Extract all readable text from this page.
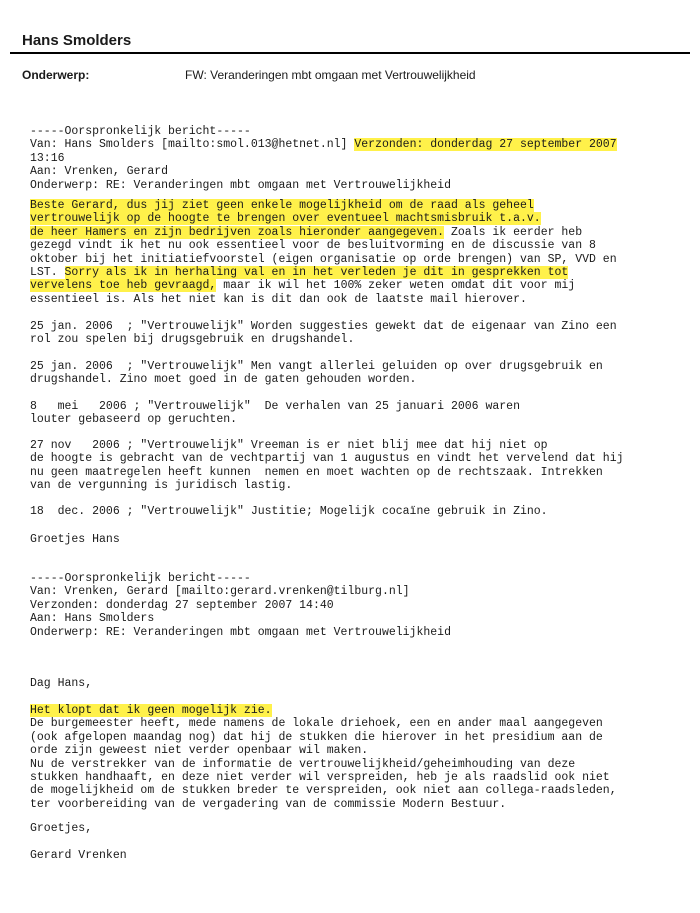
Hans Smolders
Onderwerp:	FW: Veranderingen mbt omgaan met Vertrouwelijkheid
-----Oorspronkelijk bericht-----
Van: Hans Smolders [mailto:smol.013@hetnet.nl] Verzonden: donderdag 27 september 2007
13:16
Aan: Vrenken, Gerard
Onderwerp: RE: Veranderingen mbt omgaan met Vertrouwelijkheid
Beste Gerard, dus jij ziet geen enkele mogelijkheid om de raad als geheel
vertrouwelijk op de hoogte te brengen over eventueel machtsmisbruik t.a.v.
de heer Hamers en zijn bedrijven zoals hieronder aangegeven. Zoals ik eerder heb
gezegd vindt ik het nu ook essentieel voor de besluitvorming en de discussie van 8
oktober bij het initiatiefvoorstel (eigen organisatie op orde brengen) van SP, VVD en
LST. Sorry als ik in herhaling val en in het verleden je dit in gesprekken tot
vervelens toe heb gevraagd, maar ik wil het 100% zeker weten omdat dit voor mij
essentieel is. Als het niet kan is dit dan ook de laatste mail hierover.
25 jan. 2006  ; "Vertrouwelijk" Worden suggesties gewekt dat de eigenaar van Zino een
rol zou spelen bij drugsgebruik en drugshandel.
25 jan. 2006  ; "Vertrouwelijk" Men vangt allerlei geluiden op over drugsgebruik en
drugshandel. Zino moet goed in de gaten gehouden worden.
8   mei   2006 ; "Vertrouwelijk"  De verhalen van 25 januari 2006 waren
louter gebaseerd op geruchten.
27 nov   2006 ; "Vertrouwelijk" Vreeman is er niet blij mee dat hij niet op
de hoogte is gebracht van de vechtpartij van 1 augustus en vindt het vervelend dat hij
nu geen maatregelen heeft kunnen  nemen en moet wachten op de rechtszaak. Intrekken
van de vergunning is juridisch lastig.
18  dec. 2006 ; "Vertrouwelijk" Justitie; Mogelijk cocaïne gebruik in Zino.
Groetjes Hans
-----Oorspronkelijk bericht-----
Van: Vrenken, Gerard [mailto:gerard.vrenken@tilburg.nl]
Verzonden: donderdag 27 september 2007 14:40
Aan: Hans Smolders
Onderwerp: RE: Veranderingen mbt omgaan met Vertrouwelijkheid
Dag Hans,
Het klopt dat ik geen mogelijk zie.
De burgemeester heeft, mede namens de lokale driehoek, een en ander maal aangegeven
(ook afgelopen maandag nog) dat hij de stukken die hierover in het presidium aan de
orde zijn geweest niet verder openbaar wil maken.
Nu de verstrekker van de informatie de vertrouwelijkheid/geheimhouding van deze
stukken handhaaft, en deze niet verder wil verspreiden, heb je als raadslid ook niet
de mogelijkheid om de stukken breder te verspreiden, ook niet aan collega-raadsleden,
ter voorbereiding van de vergadering van de commissie Modern Bestuur.
Groetjes,
Gerard Vrenken
